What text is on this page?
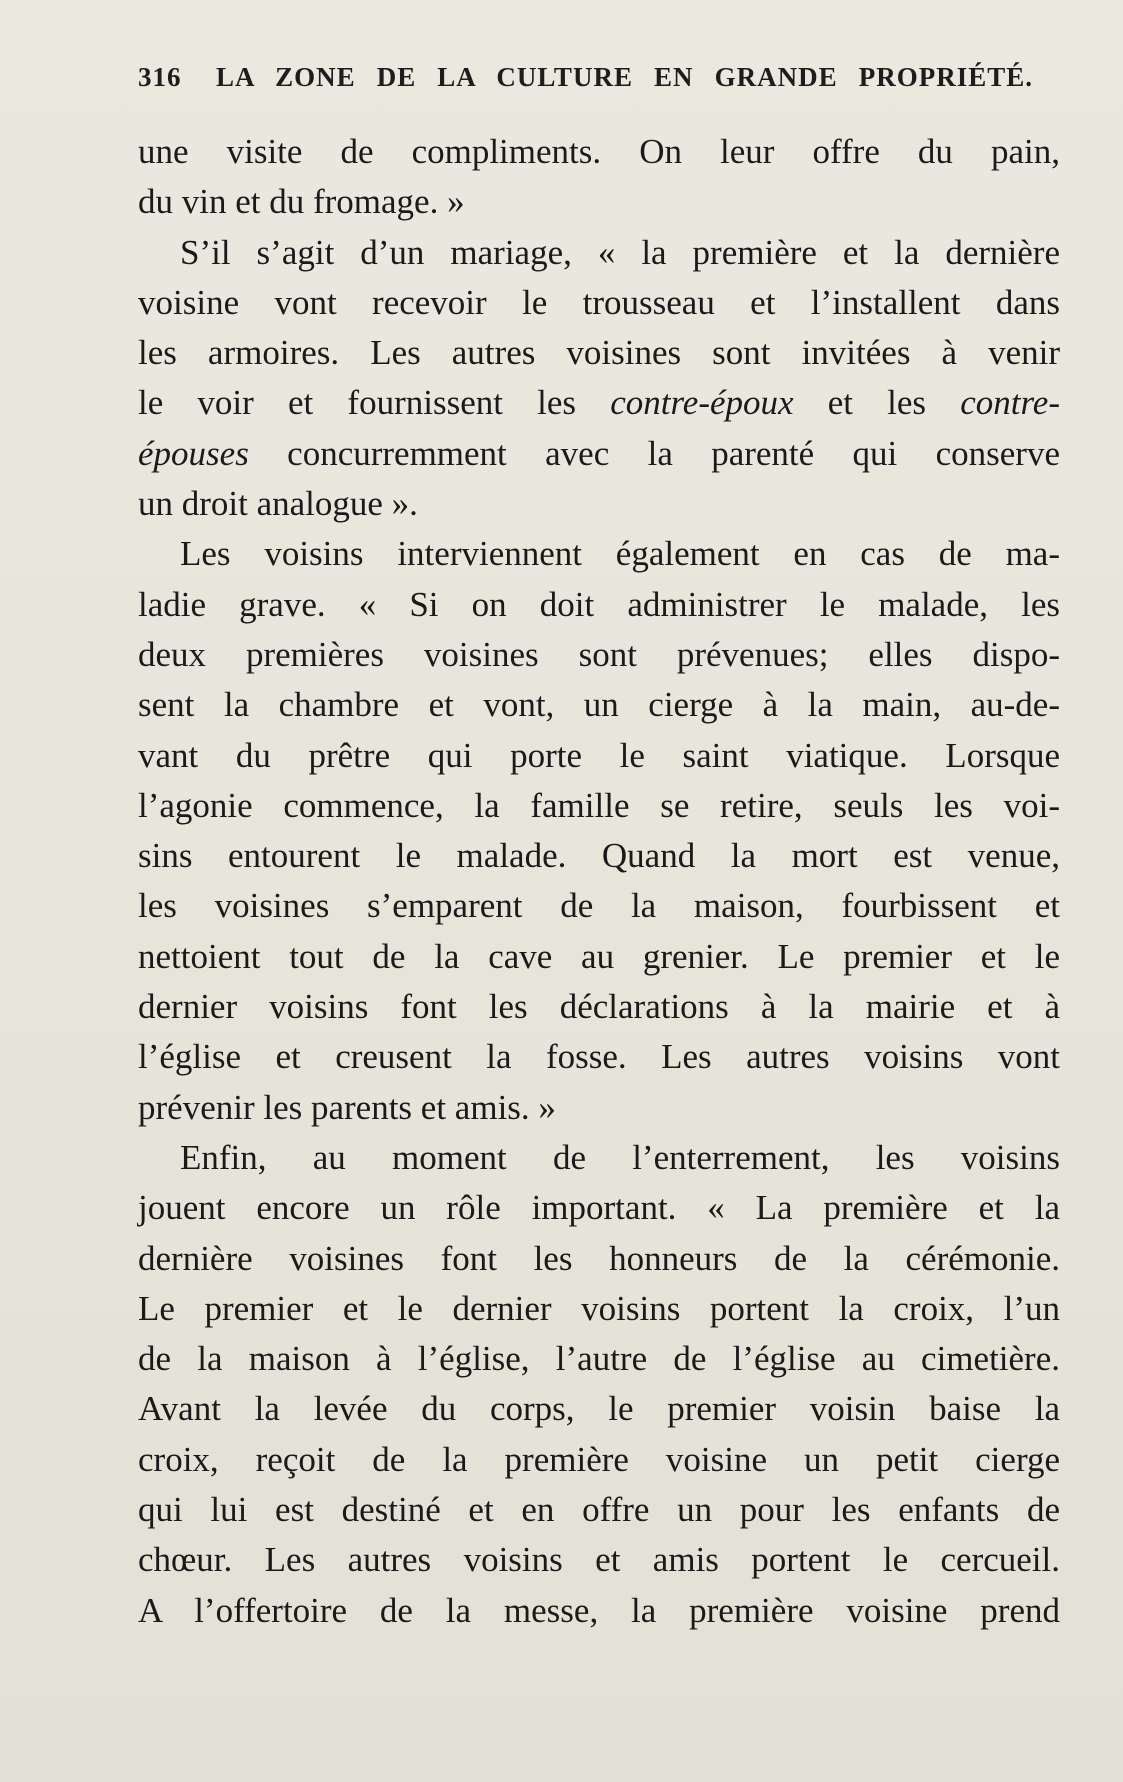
316 LA ZONE DE LA CULTURE EN GRANDE PROPRIÉTÉ.
une visite de compliments. On leur offre du pain,
du vin et du fromage. »
S’il s’agit d’un mariage, « la première et la dernière
voisine vont recevoir le trousseau et l’installent dans
les armoires. Les autres voisines sont invitées à venir
le voir et fournissent les contre-époux et les contre-
épouses concurremment avec la parenté qui conserve
un droit analogue ».
Les voisins interviennent également en cas de ma-
ladie grave. « Si on doit administrer le malade, les
deux premières voisines sont prévenues; elles dispo-
sent la chambre et vont, un cierge à la main, au-de-
vant du prêtre qui porte le saint viatique. Lorsque
l’agonie commence, la famille se retire, seuls les voi-
sins entourent le malade. Quand la mort est venue,
les voisines s’emparent de la maison, fourbissent et
nettoient tout de la cave au grenier. Le premier et le
dernier voisins font les déclarations à la mairie et à
l’église et creusent la fosse. Les autres voisins vont
prévenir les parents et amis. »
Enfin, au moment de l’enterrement, les voisins
jouent encore un rôle important. « La première et la
dernière voisines font les honneurs de la cérémonie.
Le premier et le dernier voisins portent la croix, l’un
de la maison à l’église, l’autre de l’église au cimetière.
Avant la levée du corps, le premier voisin baise la
croix, reçoit de la première voisine un petit cierge
qui lui est destiné et en offre un pour les enfants de
chœur. Les autres voisins et amis portent le cercueil.
A l’offertoire de la messe, la première voisine prend
